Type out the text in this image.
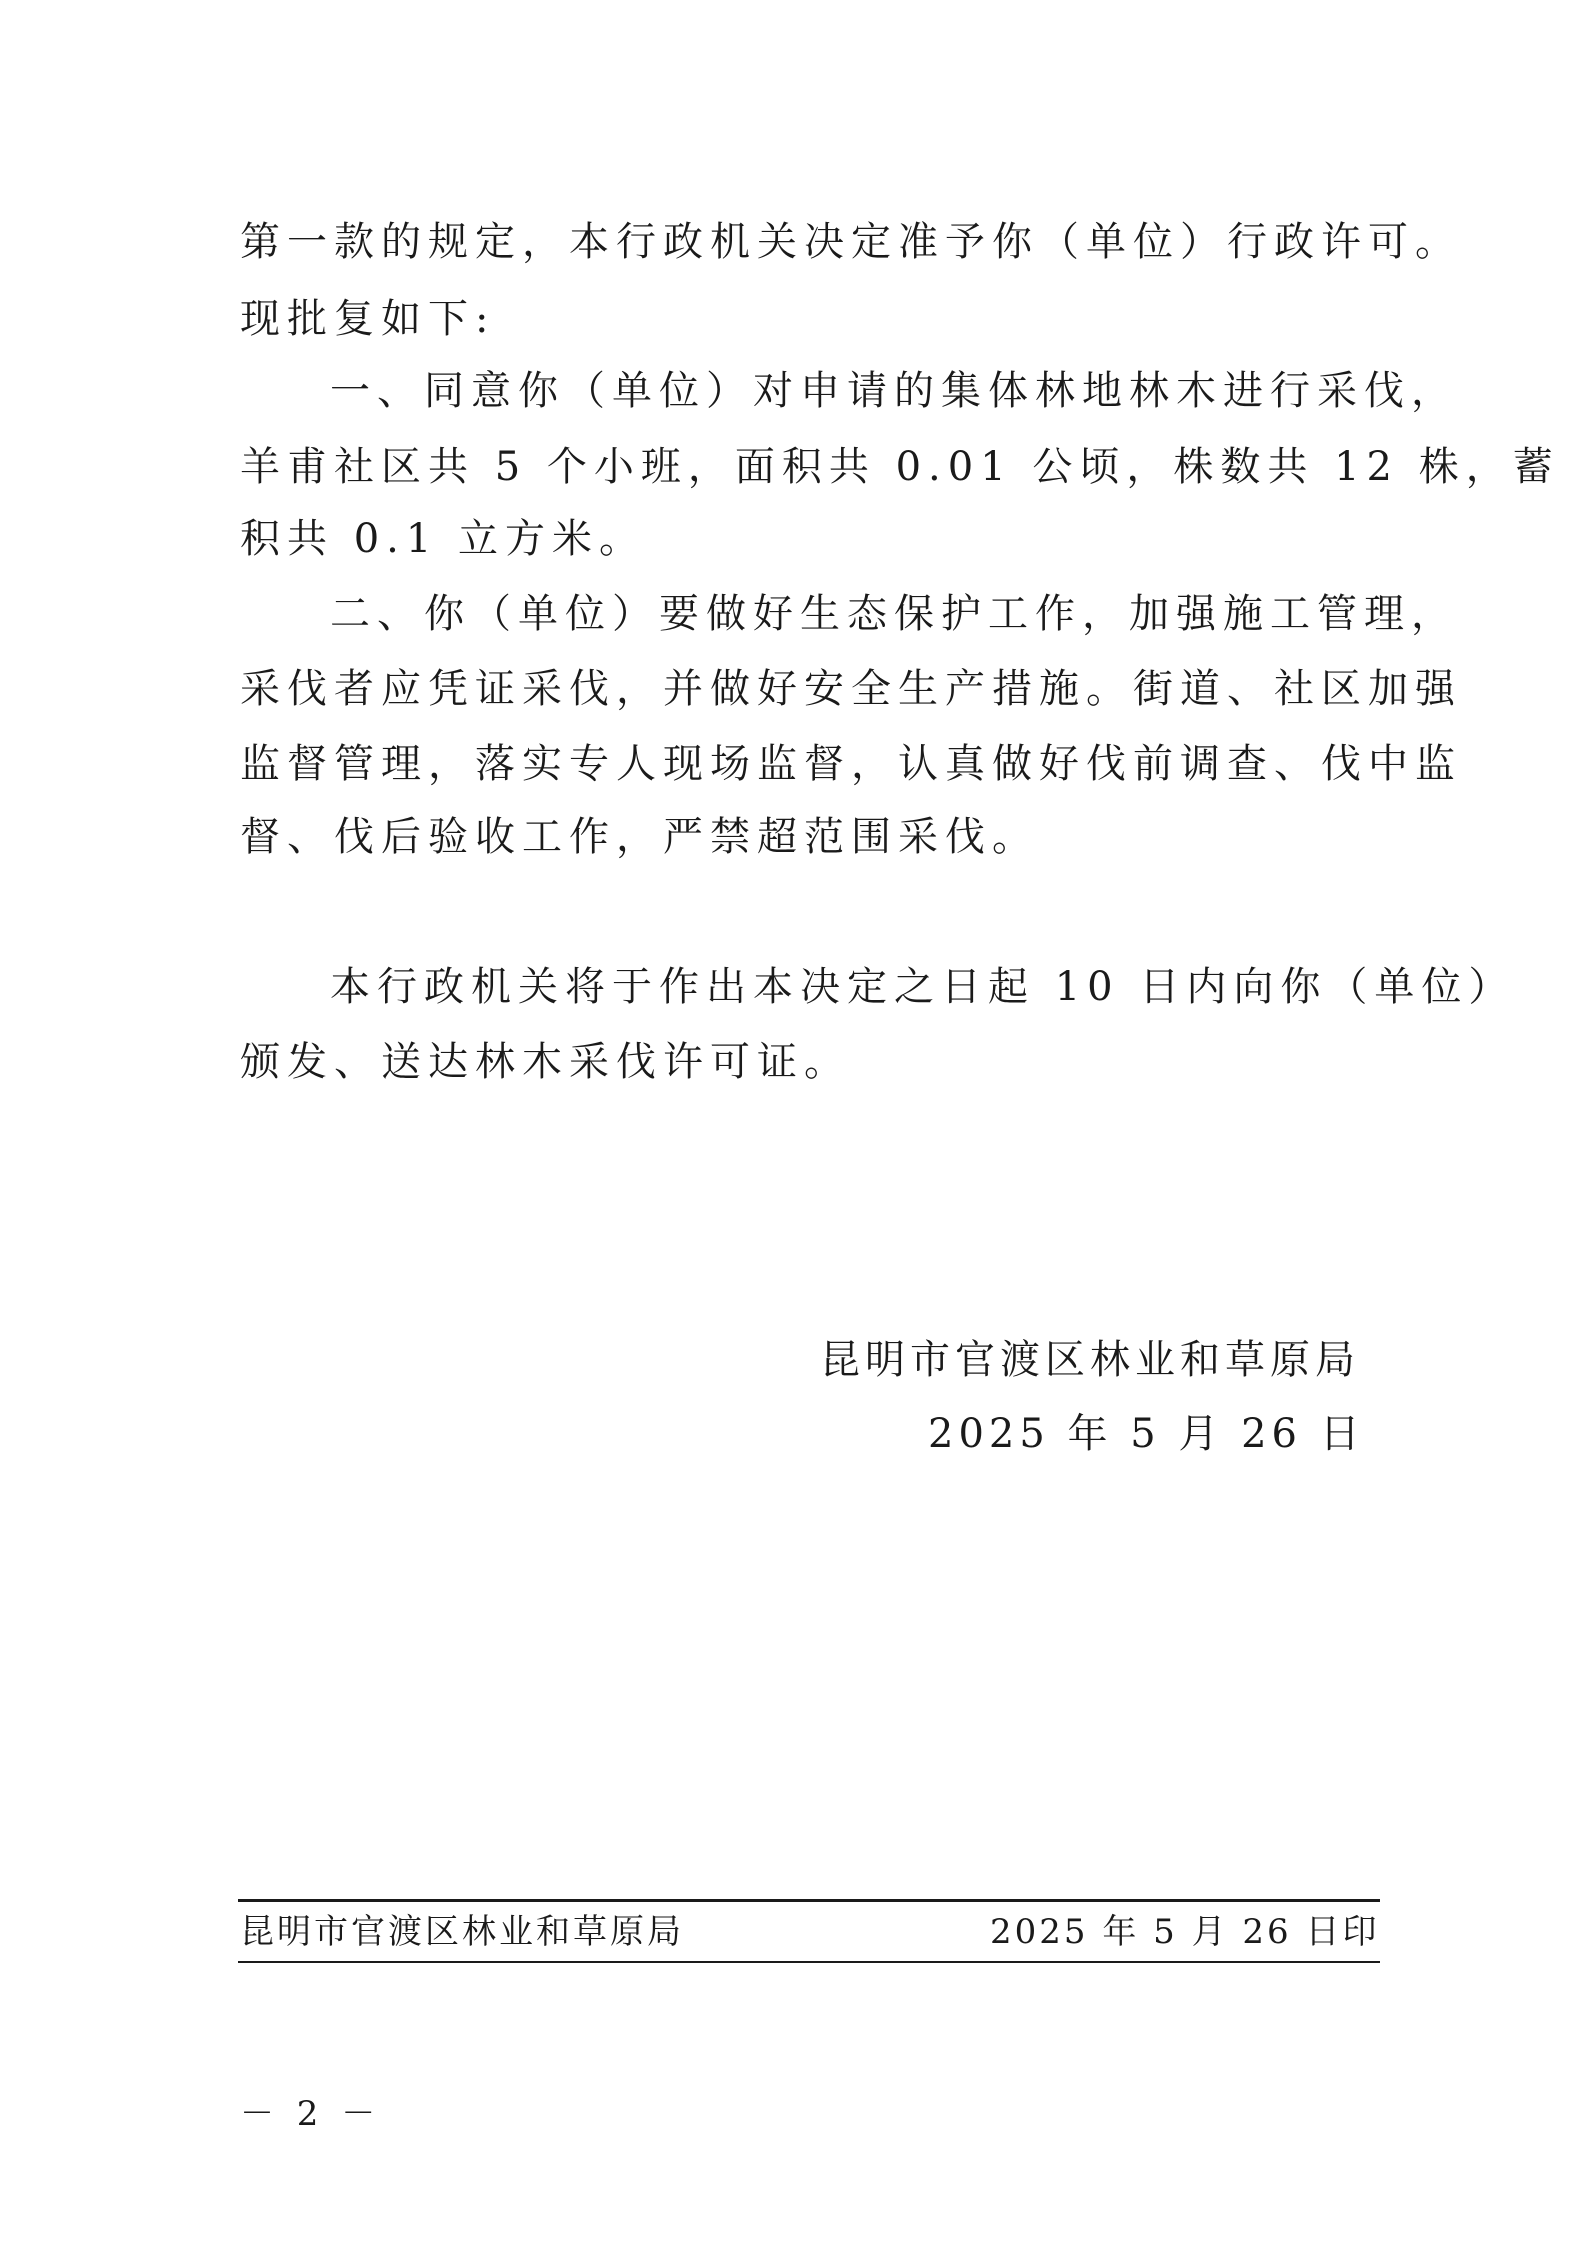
第一款的规定，本行政机关决定准予你（单位）行政许可。
现批复如下:
一、同意你（单位）对申请的集体林地林木进行采伐，
羊甫社区共 5 个小班，面积共 0.01 公顷，株数共 12 株，蓄
积共 0.1 立方米。
二、你（单位）要做好生态保护工作，加强施工管理，
采伐者应凭证采伐，并做好安全生产措施。街道、社区加强
监督管理，落实专人现场监督，认真做好伐前调查、伐中监
督、伐后验收工作，严禁超范围采伐。
本行政机关将于作出本决定之日起 10 日内向你（单位）
颁发、送达林木采伐许可证。
昆明市官渡区林业和草原局
2025 年 5 月 26 日
昆明市官渡区林业和草原局	2025 年 5 月 26 日印
－ 2 －
